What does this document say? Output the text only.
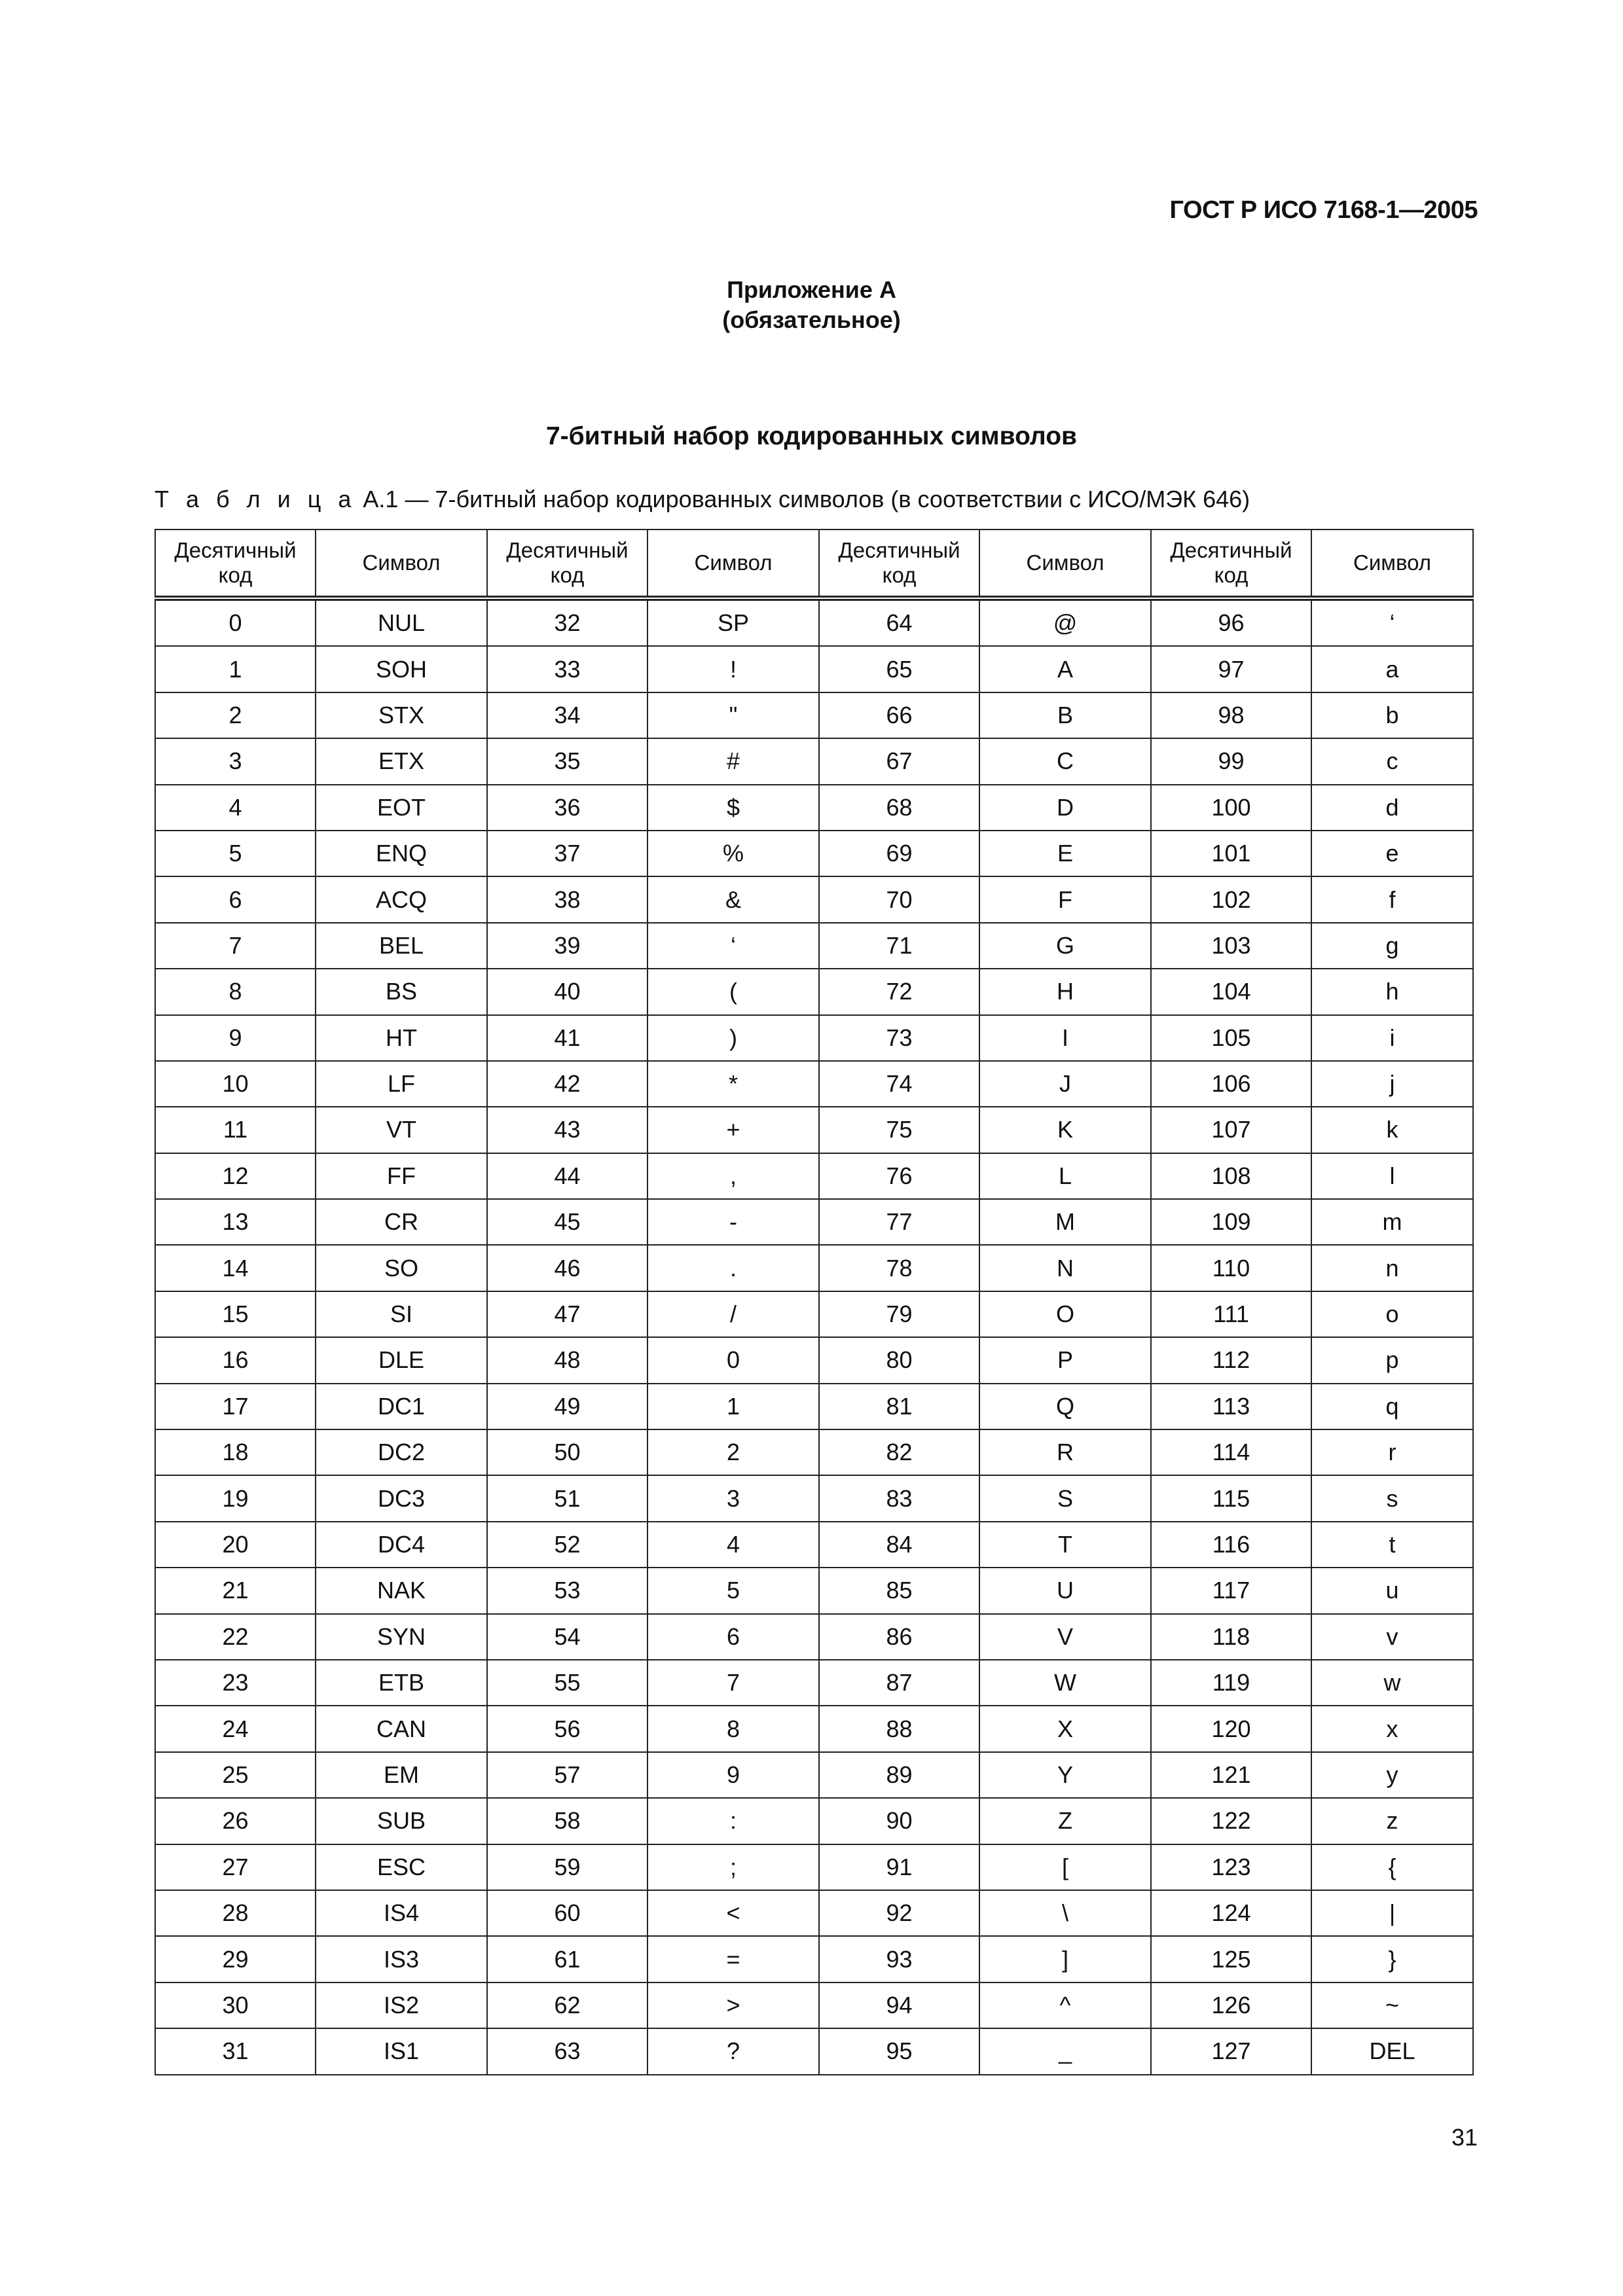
ГОСТ Р ИСО 7168-1—2005
Приложение А
(обязательное)
7-битный набор кодированных символов
Т а б л и ц а А.1 — 7-битный набор кодированных символов (в соответствии с ИСО/МЭК 646)
Десятичный код	Символ	Десятичный код	Символ	Десятичный код	Символ	Десятичный код	Символ
0	NUL	32	SP	64	@	96	‘
1	SOH	33	!	65	A	97	a
2	STX	34	"	66	B	98	b
3	ETX	35	#	67	C	99	c
4	EOT	36	$	68	D	100	d
5	ENQ	37	%	69	E	101	e
6	ACQ	38	&	70	F	102	f
7	BEL	39	‘	71	G	103	g
8	BS	40	(	72	H	104	h
9	HT	41	)	73	I	105	i
10	LF	42	*	74	J	106	j
11	VT	43	+	75	K	107	k
12	FF	44	,	76	L	108	l
13	CR	45	-	77	M	109	m
14	SO	46	.	78	N	110	n
15	SI	47	/	79	O	111	o
16	DLE	48	0	80	P	112	p
17	DC1	49	1	81	Q	113	q
18	DC2	50	2	82	R	114	r
19	DC3	51	3	83	S	115	s
20	DC4	52	4	84	T	116	t
21	NAK	53	5	85	U	117	u
22	SYN	54	6	86	V	118	v
23	ETB	55	7	87	W	119	w
24	CAN	56	8	88	X	120	x
25	EM	57	9	89	Y	121	y
26	SUB	58	:	90	Z	122	z
27	ESC	59	;	91	[	123	{
28	IS4	60	<	92	\	124	|
29	IS3	61	=	93	]	125	}
30	IS2	62	>	94	^	126	~
31	IS1	63	?	95	_	127	DEL
31
